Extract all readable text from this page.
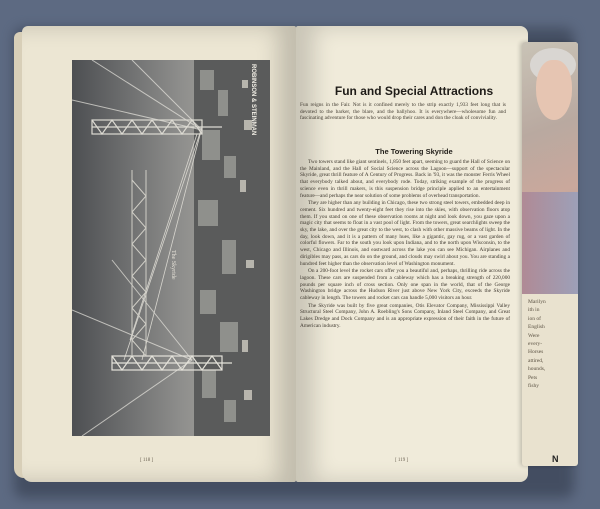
The Skyride
ROBINSON & STEINMAN
[ 118 ]
Fun and Special Attractions
Fun reigns in the Fair. Not is it confined merely to the strip exactly 1,933 feet long that is devoted to the barker, the blare, and the ballyhoo. It is everywhere—wholesome fun and fascinating adventure for those who would drop their cares and don the cloak of conviviality.
The Towering Skyride

Two towers stand like giant sentinels, 1,850 feet apart, seeming to guard the Hall of Science on the Mainland, and the Hall of Social Science across the Lagoon—support of the spectacular Skyride, great thrill feature of A Century of Progress. Back in '93, it was the monster Ferris Wheel that everybody talked about, and everybody rode. Today, striking example of the progress of science even in thrill makers, is this suspension bridge principle applied to an entertainment feature—and perhaps the near solution of some problems of overhead transportation.

They are higher than any building in Chicago, these two strong steel towers, embedded deep in cement. Six hundred and twenty-eight feet they rise into the skies, with observation floors atop them. If you stand on one of these observation rooms at night and look down, you gaze upon a magic city that seems to float in a vast pool of light. From the towers, great searchlights sweep the sky, the lake, and over the great city to the west, to clash with other massive beams of light. In the day, look down, and it is a pattern of many hues, like a gigantic, gay rug, or a vast garden of colorful flowers. Far to the south you look upon Indiana, and to the north upon Wisconsin, to the west, Chicago and Illinois, and eastward across the lake you can see Michigan. Airplanes and dirigibles may pass, as cars do on the ground, and clouds may swirl about you. You are standing a hundred feet higher than the observation level of Washington monument.

On a 200-foot level the rocket cars offer you a beautiful and, perhaps, thrilling ride across the lagoon. These cars are suspended from a cableway which has a breaking strength of 220,000 pounds per square inch of cross section. Only one span in the world, that of the George Washington bridge across the Hudson River just above New York City, exceeds the Skyride cableway in length. The towers and rocket cars can handle 5,000 visitors an hour.

The Skyride was built by five great companies, Otis Elevator Company, Mississippi Valley Structural Steel Company, John A. Roebling's Sons Company, Inland Steel Company, and Great Lakes Dredge and Dock Company and is an appropriate expression of their faith in the future of American industry.

[ 119 ]
Marilyn
ith in
ion of
English
Were
every-
Horses
attired,
hounds,
Pets
fishy
N
